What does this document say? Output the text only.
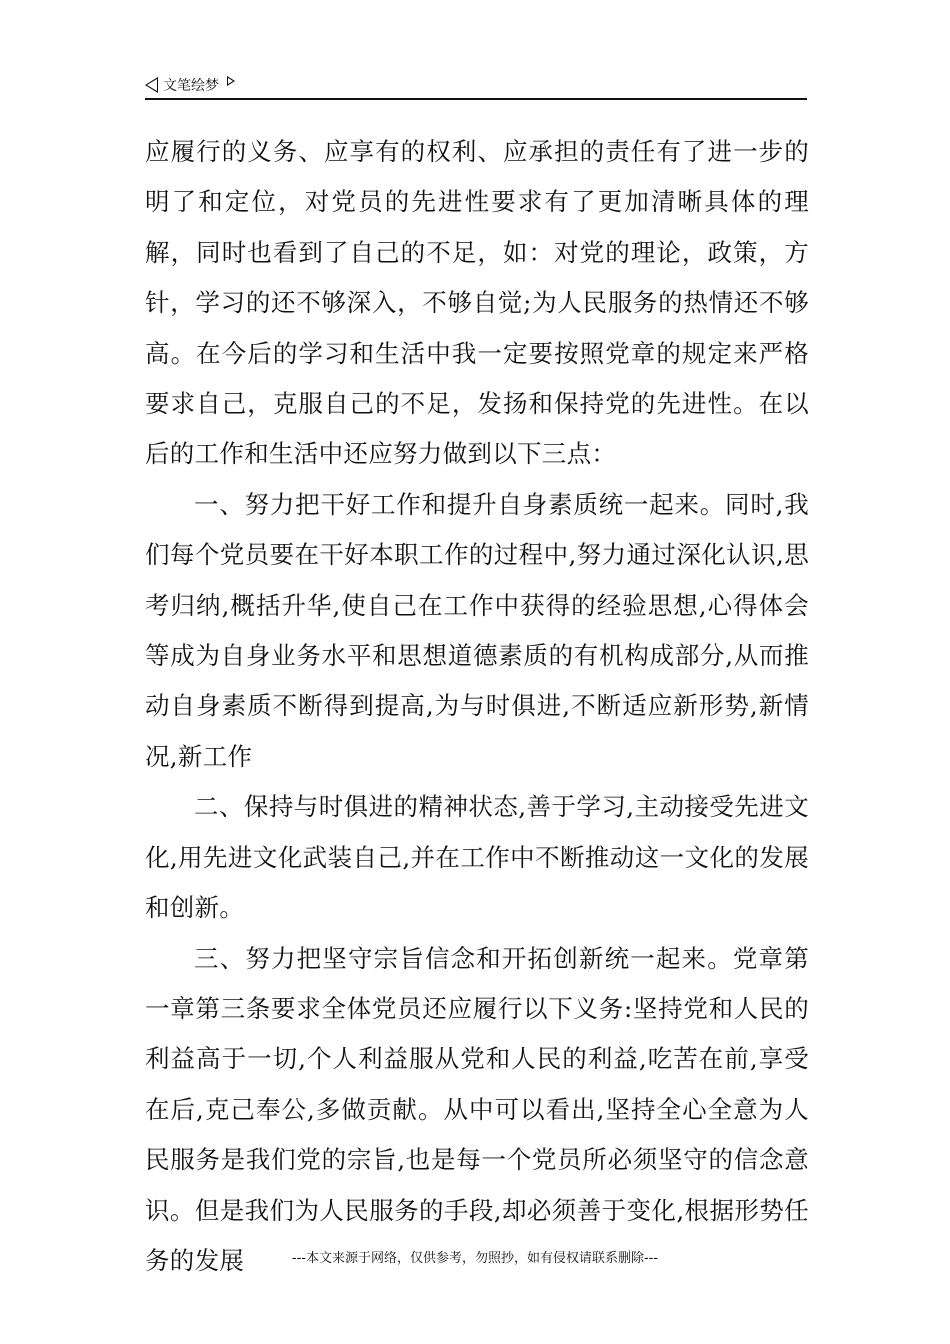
文笔绘梦

应履行的义务、应享有的权利、应承担的责任有了进一步的明了和定位，对党员的先进性要求有了更加清晰具体的理解，同时也看到了自己的不足，如：对党的理论，政策，方针，学习的还不够深入，不够自觉;为人民服务的热情还不够高。在今后的学习和生活中我一定要按照党章的规定来严格要求自己，克服自己的不足，发扬和保持党的先进性。在以后的工作和生活中还应努力做到以下三点：

一、努力把干好工作和提升自身素质统一起来。同时,我们每个党员要在干好本职工作的过程中,努力通过深化认识,思考归纳,概括升华,使自己在工作中获得的经验思想,心得体会等成为自身业务水平和思想道德素质的有机构成部分,从而推动自身素质不断得到提高,为与时俱进,不断适应新形势,新情况,新工作

二、保持与时俱进的精神状态,善于学习,主动接受先进文化,用先进文化武装自己,并在工作中不断推动这一文化的发展和创新。

三、努力把坚守宗旨信念和开拓创新统一起来。党章第一章第三条要求全体党员还应履行以下义务:坚持党和人民的利益高于一切,个人利益服从党和人民的利益,吃苦在前,享受在后,克己奉公,多做贡献。从中可以看出,坚持全心全意为人民服务是我们党的宗旨,也是每一个党员所必须坚守的信念意识。但是我们为人民服务的手段,却必须善于变化,根据形势任务的发展	---本文来源于网络，仅供参考，勿照抄，如有侵权请联系删除---
